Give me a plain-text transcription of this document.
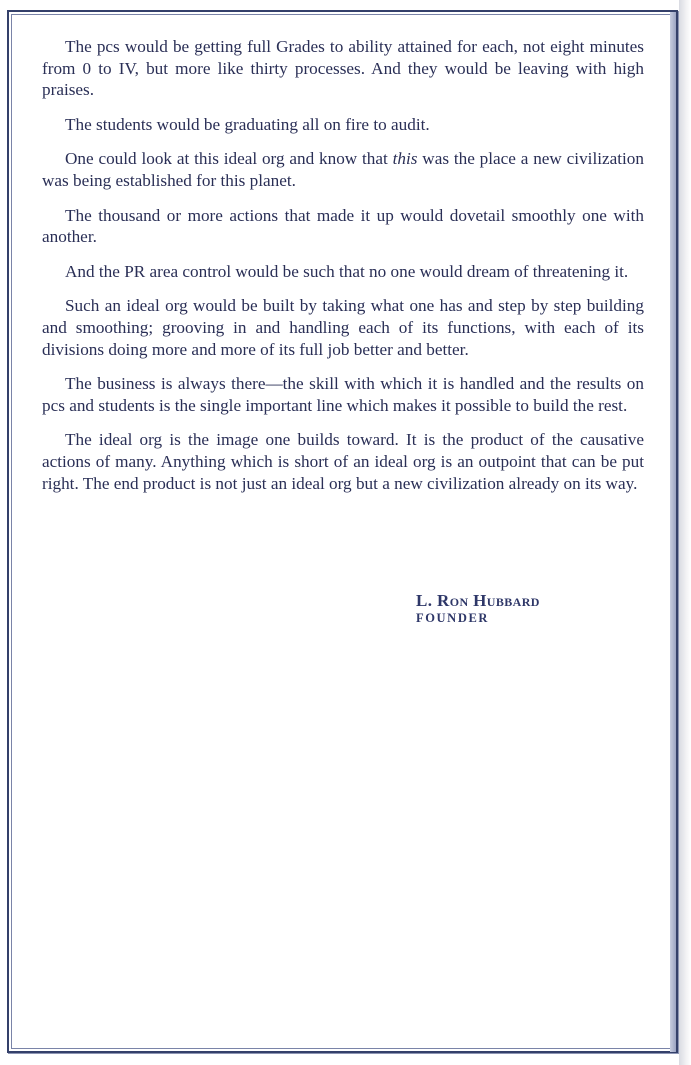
The pcs would be getting full Grades to ability attained for each, not eight minutes from 0 to IV, but more like thirty processes. And they would be leaving with high praises.

The students would be graduating all on fire to audit.

One could look at this ideal org and know that this was the place a new civilization was being established for this planet.

The thousand or more actions that made it up would dovetail smoothly one with another.

And the PR area control would be such that no one would dream of threatening it.

Such an ideal org would be built by taking what one has and step by step building and smoothing; grooving in and handling each of its functions, with each of its divisions doing more and more of its full job better and better.

The business is always there—the skill with which it is handled and the results on pcs and students is the single important line which makes it possible to build the rest.

The ideal org is the image one builds toward. It is the product of the causative actions of many. Anything which is short of an ideal org is an outpoint that can be put right. The end product is not just an ideal org but a new civilization already on its way.

L. Ron Hubbard
FOUNDER
